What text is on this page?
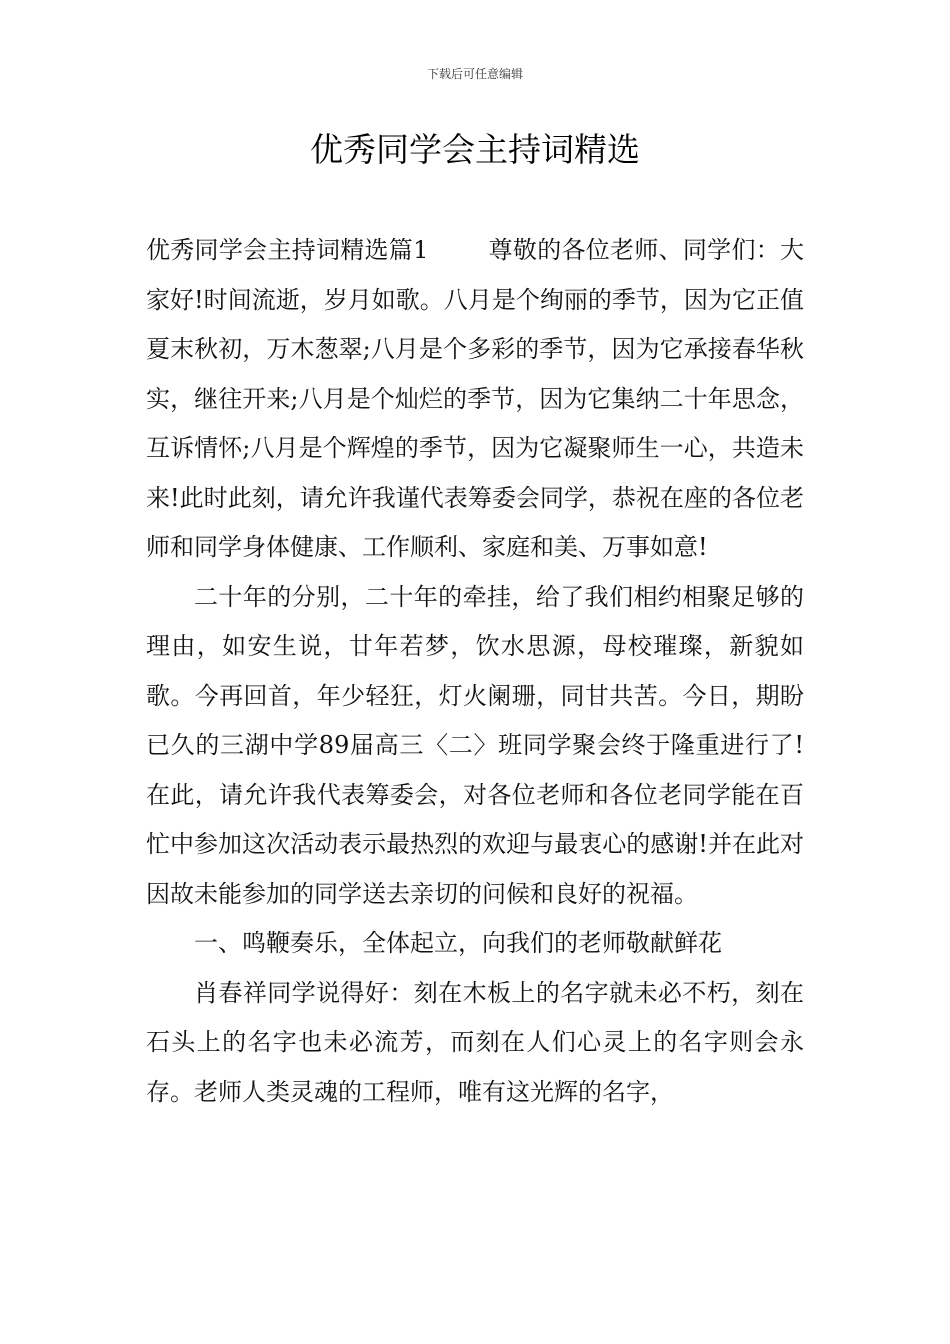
下载后可任意编辑
优秀同学会主持词精选

优秀同学会主持词精选篇1	尊敬的各位老师、同学们：大家好!时间流逝，岁月如歌。八月是个绚丽的季节，因为它正值夏末秋初，万木葱翠;八月是个多彩的季节，因为它承接春华秋实，继往开来;八月是个灿烂的季节，因为它集纳二十年思念，互诉情怀;八月是个辉煌的季节，因为它凝聚师生一心，共造未来!此时此刻，请允许我谨代表筹委会同学，恭祝在座的各位老师和同学身体健康、工作顺利、家庭和美、万事如意!

二十年的分别，二十年的牵挂，给了我们相约相聚足够的理由，如安生说，廿年若梦，饮水思源，母校璀璨，新貌如歌。今再回首，年少轻狂，灯火阑珊，同甘共苦。今日，期盼已久的三湖中学89届高三〈二〉班同学聚会终于隆重进行了!在此，请允许我代表筹委会，对各位老师和各位老同学能在百忙中参加这次活动表示最热烈的欢迎与最衷心的感谢!并在此对因故未能参加的同学送去亲切的问候和良好的祝福。

一、鸣鞭奏乐，全体起立，向我们的老师敬献鲜花

肖春祥同学说得好：刻在木板上的名字就未必不朽，刻在石头上的名字也未必流芳，而刻在人们心灵上的名字则会永存。老师人类灵魂的工程师，唯有这光辉的名字，
